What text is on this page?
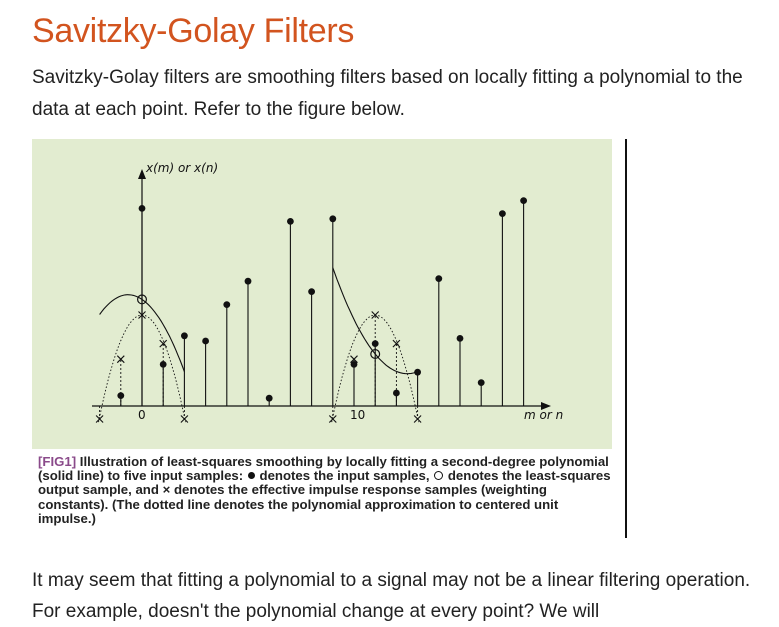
Savitzky-Golay Filters

Savitzky-Golay filters are smoothing filters based on locally fitting a polynomial to the data at each point. Refer to the figure below.

x(m) or x(n)
m or n
0	10

[FIG1] Illustration of least-squares smoothing by locally fitting a second-degree polynomial (solid line) to five input samples: denotes the input samples, denotes the least-squares output sample, and × denotes the effective impulse response samples (weighting constants). (The dotted line denotes the polynomial approximation to centered unit impulse.)

It may seem that fitting a polynomial to a signal may not be a linear filtering operation. For example, doesn't the polynomial change at every point? We will
